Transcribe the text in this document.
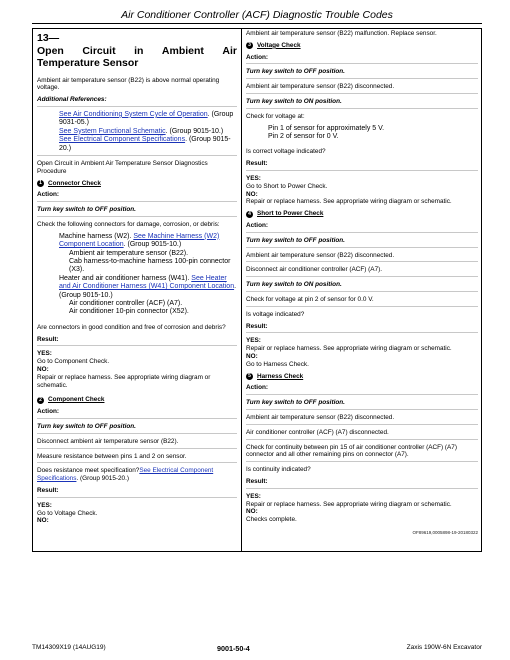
Air Conditioner Controller (ACF) Diagnostic Trouble Codes
13—
Open Circuit in Ambient Air
Temperature Sensor

Ambient air temperature sensor (B22) is above normal operating voltage.

Additional References:

See Air Conditioning System Cycle of Operation. (Group 9031-05.)

See System Functional Schematic. (Group 9015-10.)

See Electrical Component Specifications. (Group 9015-20.)

Open Circuit in Ambient Air Temperature Sensor Diagnostics Procedure

1 Connector Check

Action:

Turn key switch to OFF position.

Check the following connectors for damage, corrosion, or debris:

Machine harness (W2). See Machine Harness (W2) Component Location. (Group 9015-10.)

Ambient air temperature sensor (B22).

Cab harness-to-machine harness 100-pin connector (X3).

Heater and air conditioner harness (W41). See Heater and Air Conditioner Harness (W41) Component Location. (Group 9015-10.)

Air conditioner controller (ACF) (A7).

Air conditioner 10-pin connector (X52).

Are connectors in good condition and free of corrosion and debris?

Result:

YES:

Go to Component Check.

NO:

Repair or replace harness. See appropriate wiring diagram or schematic.

2 Component Check

Action:

Turn key switch to OFF position.

Disconnect ambient air temperature sensor (B22).

Measure resistance between pins 1 and 2 on sensor.

Does resistance meet specification?See Electrical Component Specifications. (Group 9015-20.)

Result:

YES:

Go to Voltage Check.

NO:

Ambient air temperature sensor (B22) malfunction. Replace sensor.

3 Voltage Check

Action:

Turn key switch to OFF position.

Ambient air temperature sensor (B22) disconnected.

Turn key switch to ON position.

Check for voltage at:

Pin 1 of sensor for approximately 5 V.

Pin 2 of sensor for 0 V.

Is correct voltage indicated?

Result:

YES:

Go to Short to Power Check.

NO:

Repair or replace harness. See appropriate wiring diagram or schematic.

4 Short to Power Check

Action:

Turn key switch to OFF position.

Ambient air temperature sensor (B22) disconnected.

Disconnect air conditioner controller (ACF) (A7).

Turn key switch to ON position.

Check for voltage at pin 2 of sensor for 0.0 V.

Is voltage indicated?

Result:

YES:

Repair or replace harness. See appropriate wiring diagram or schematic.

NO:

Go to Harness Check.

5 Harness Check

Action:

Turn key switch to OFF position.

Ambient air temperature sensor (B22) disconnected.

Air conditioner controller (ACF) (A7) disconnected.

Check for continuity between pin 15 of air conditioner controller (ACF) (A7) connector and all other remaining pins on connector (A7).

Is continuity indicated?

Result:

YES:

Repair or replace harness. See appropriate wiring diagram or schematic.

NO:

Checks complete.

OF89619,0005898-19-20180322

TM14309X19 (14AUG19)	9001-50-4	Zaxis 190W-6N Excavator
